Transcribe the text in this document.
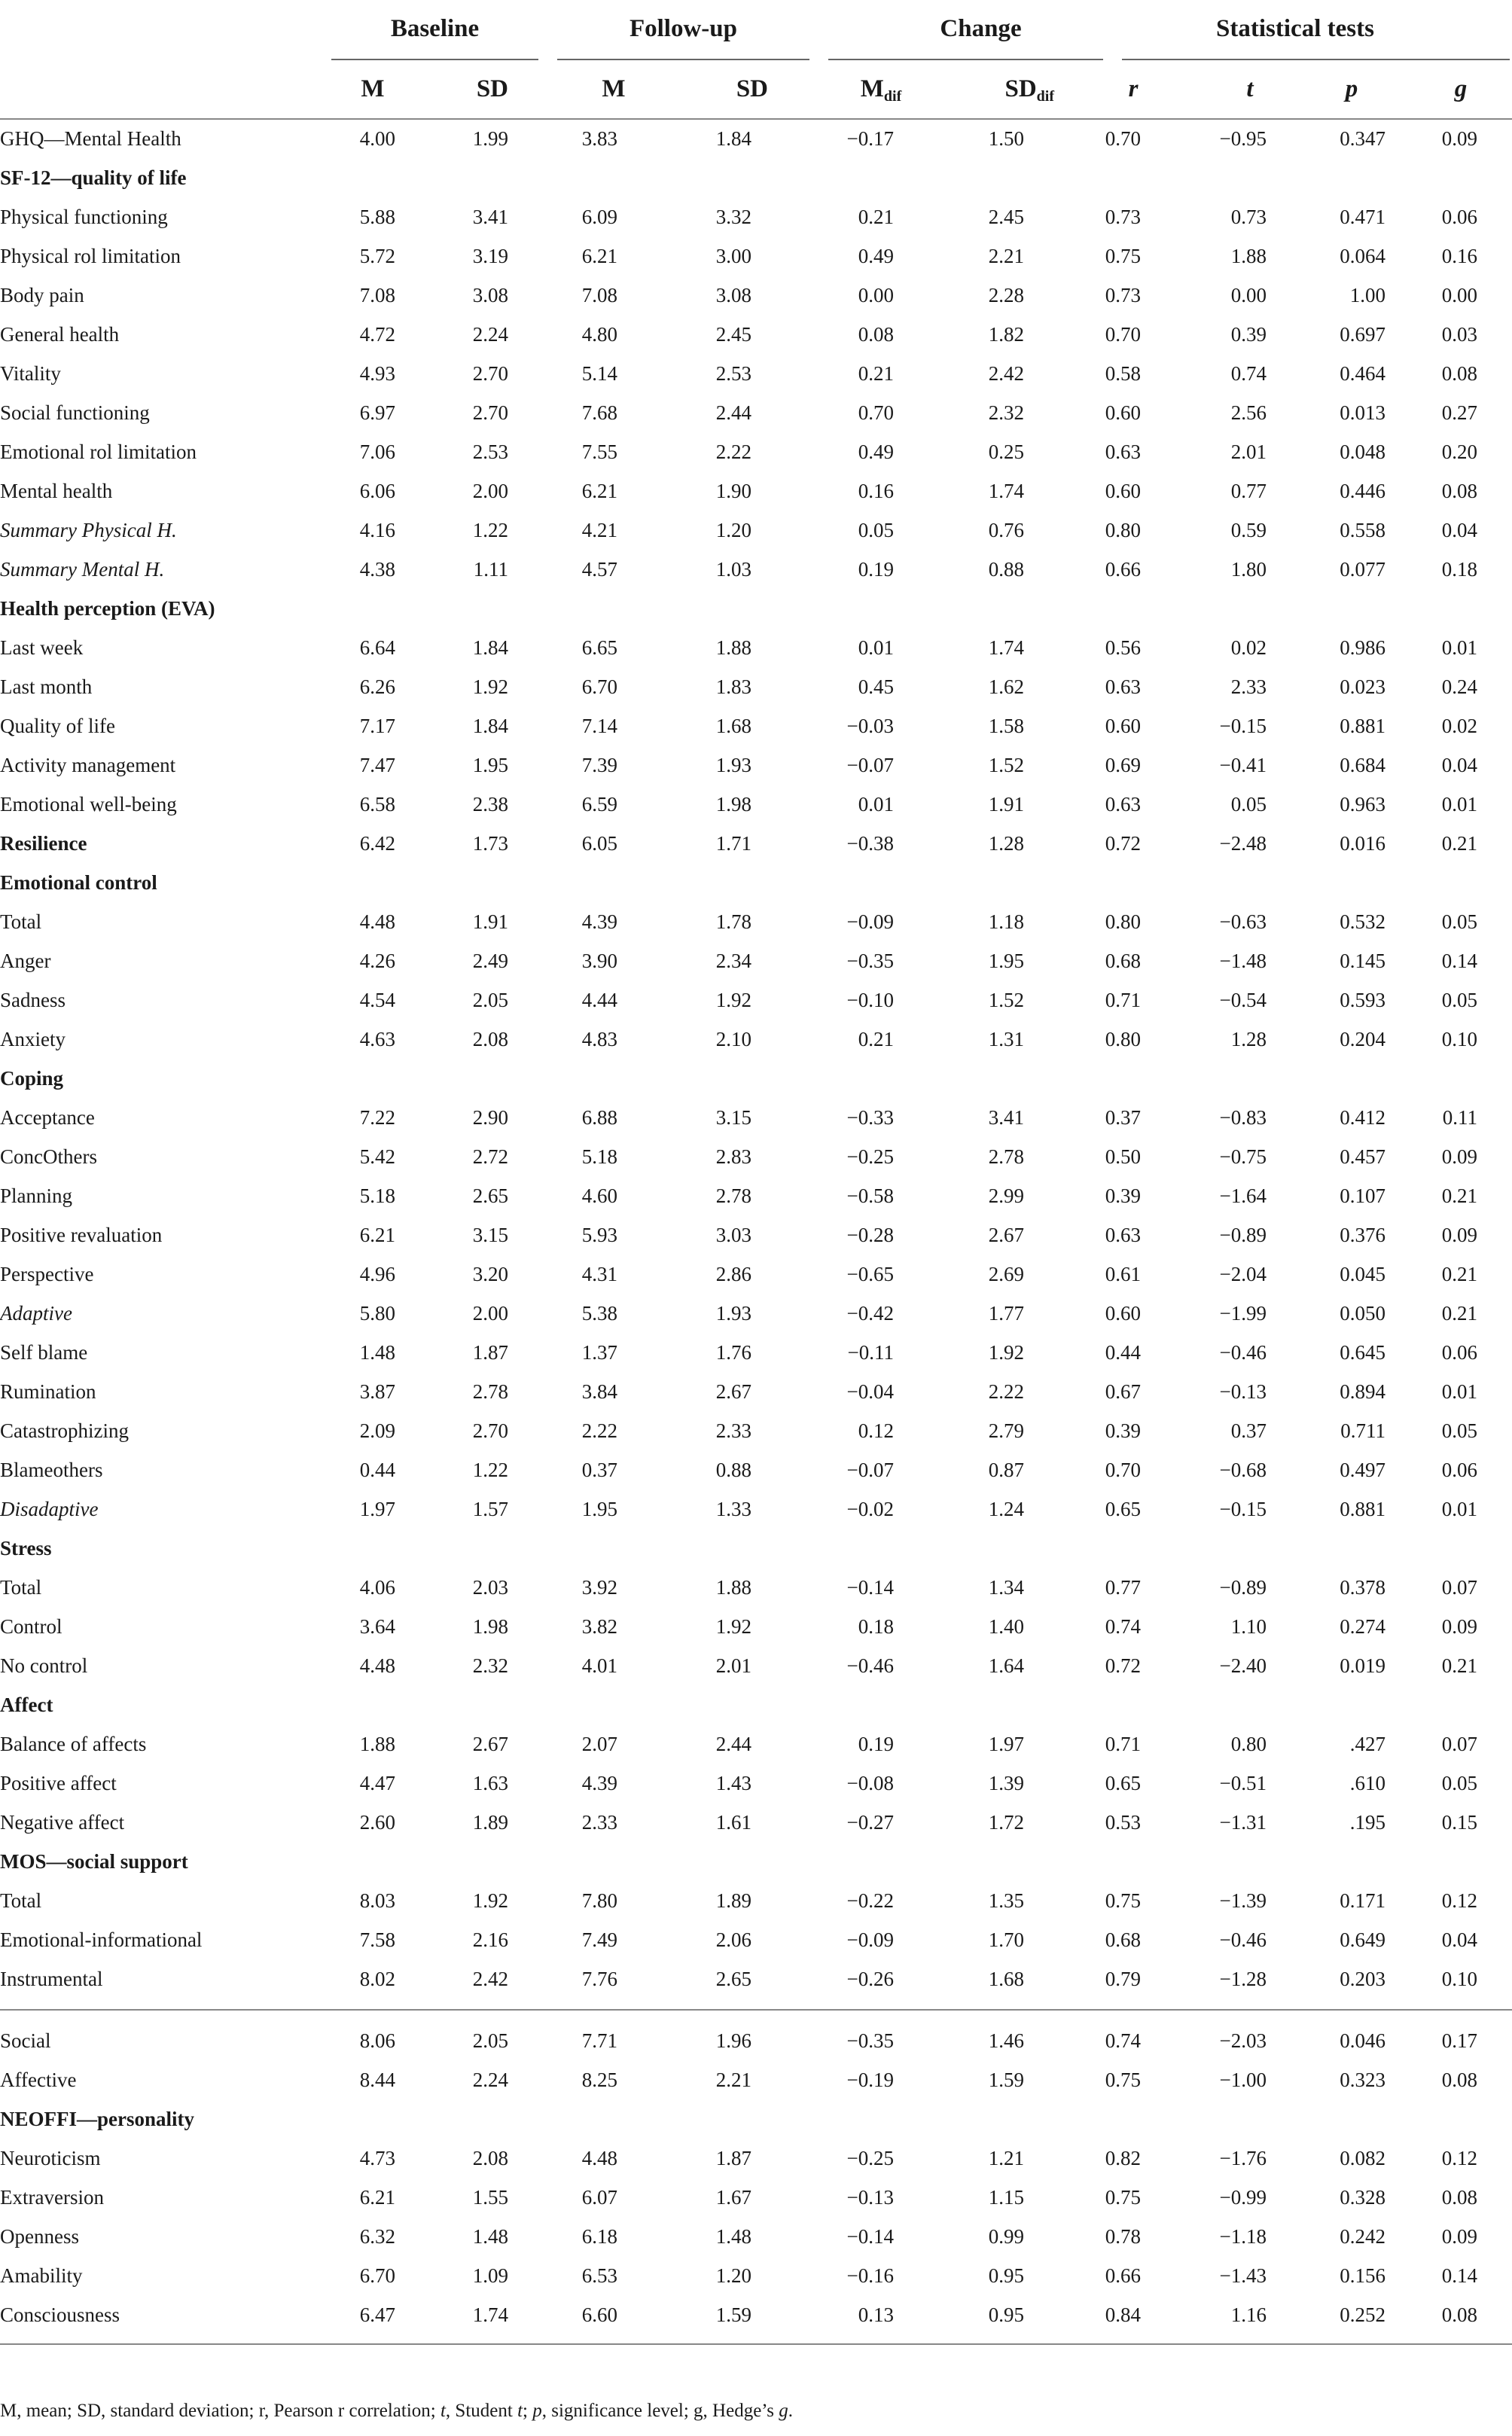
Baseline	Follow-up	Change	Statistical tests
M	SD	M	SD	$M_{dif}$	$SD_{dif}$	r	t	p	g
GHQ—Mental Health	4.00	1.99	3.83	1.84	−0.17	1.50	0.70	−0.95	0.347	0.09
SF-12—quality of life
Physical functioning	5.88	3.41	6.09	3.32	0.21	2.45	0.73	0.73	0.471	0.06
Physical rol limitation	5.72	3.19	6.21	3.00	0.49	2.21	0.75	1.88	0.064	0.16
Body pain	7.08	3.08	7.08	3.08	0.00	2.28	0.73	0.00	1.00	0.00
General health	4.72	2.24	4.80	2.45	0.08	1.82	0.70	0.39	0.697	0.03
Vitality	4.93	2.70	5.14	2.53	0.21	2.42	0.58	0.74	0.464	0.08
Social functioning	6.97	2.70	7.68	2.44	0.70	2.32	0.60	2.56	0.013	0.27
Emotional rol limitation	7.06	2.53	7.55	2.22	0.49	0.25	0.63	2.01	0.048	0.20
Mental health	6.06	2.00	6.21	1.90	0.16	1.74	0.60	0.77	0.446	0.08
Summary Physical H.	4.16	1.22	4.21	1.20	0.05	0.76	0.80	0.59	0.558	0.04
Summary Mental H.	4.38	1.11	4.57	1.03	0.19	0.88	0.66	1.80	0.077	0.18
Health perception (EVA)
Last week	6.64	1.84	6.65	1.88	0.01	1.74	0.56	0.02	0.986	0.01
Last month	6.26	1.92	6.70	1.83	0.45	1.62	0.63	2.33	0.023	0.24
Quality of life	7.17	1.84	7.14	1.68	−0.03	1.58	0.60	−0.15	0.881	0.02
Activity management	7.47	1.95	7.39	1.93	−0.07	1.52	0.69	−0.41	0.684	0.04
Emotional well-being	6.58	2.38	6.59	1.98	0.01	1.91	0.63	0.05	0.963	0.01
Resilience	6.42	1.73	6.05	1.71	−0.38	1.28	0.72	−2.48	0.016	0.21
Emotional control
Total	4.48	1.91	4.39	1.78	−0.09	1.18	0.80	−0.63	0.532	0.05
Anger	4.26	2.49	3.90	2.34	−0.35	1.95	0.68	−1.48	0.145	0.14
Sadness	4.54	2.05	4.44	1.92	−0.10	1.52	0.71	−0.54	0.593	0.05
Anxiety	4.63	2.08	4.83	2.10	0.21	1.31	0.80	1.28	0.204	0.10
Coping
Acceptance	7.22	2.90	6.88	3.15	−0.33	3.41	0.37	−0.83	0.412	0.11
ConcOthers	5.42	2.72	5.18	2.83	−0.25	2.78	0.50	−0.75	0.457	0.09
Planning	5.18	2.65	4.60	2.78	−0.58	2.99	0.39	−1.64	0.107	0.21
Positive revaluation	6.21	3.15	5.93	3.03	−0.28	2.67	0.63	−0.89	0.376	0.09
Perspective	4.96	3.20	4.31	2.86	−0.65	2.69	0.61	−2.04	0.045	0.21
Adaptive	5.80	2.00	5.38	1.93	−0.42	1.77	0.60	−1.99	0.050	0.21
Self blame	1.48	1.87	1.37	1.76	−0.11	1.92	0.44	−0.46	0.645	0.06
Rumination	3.87	2.78	3.84	2.67	−0.04	2.22	0.67	−0.13	0.894	0.01
Catastrophizing	2.09	2.70	2.22	2.33	0.12	2.79	0.39	0.37	0.711	0.05
Blameothers	0.44	1.22	0.37	0.88	−0.07	0.87	0.70	−0.68	0.497	0.06
Disadaptive	1.97	1.57	1.95	1.33	−0.02	1.24	0.65	−0.15	0.881	0.01
Stress
Total	4.06	2.03	3.92	1.88	−0.14	1.34	0.77	−0.89	0.378	0.07
Control	3.64	1.98	3.82	1.92	0.18	1.40	0.74	1.10	0.274	0.09
No control	4.48	2.32	4.01	2.01	−0.46	1.64	0.72	−2.40	0.019	0.21
Affect
Balance of affects	1.88	2.67	2.07	2.44	0.19	1.97	0.71	0.80	.427	0.07
Positive affect	4.47	1.63	4.39	1.43	−0.08	1.39	0.65	−0.51	.610	0.05
Negative affect	2.60	1.89	2.33	1.61	−0.27	1.72	0.53	−1.31	.195	0.15
MOS—social support
Total	8.03	1.92	7.80	1.89	−0.22	1.35	0.75	−1.39	0.171	0.12
Emotional-informational	7.58	2.16	7.49	2.06	−0.09	1.70	0.68	−0.46	0.649	0.04
Instrumental	8.02	2.42	7.76	2.65	−0.26	1.68	0.79	−1.28	0.203	0.10
Social	8.06	2.05	7.71	1.96	−0.35	1.46	0.74	−2.03	0.046	0.17
Affective	8.44	2.24	8.25	2.21	−0.19	1.59	0.75	−1.00	0.323	0.08
NEOFFI—personality
Neuroticism	4.73	2.08	4.48	1.87	−0.25	1.21	0.82	−1.76	0.082	0.12
Extraversion	6.21	1.55	6.07	1.67	−0.13	1.15	0.75	−0.99	0.328	0.08
Openness	6.32	1.48	6.18	1.48	−0.14	0.99	0.78	−1.18	0.242	0.09
Amability	6.70	1.09	6.53	1.20	−0.16	0.95	0.66	−1.43	0.156	0.14
Consciousness	6.47	1.74	6.60	1.59	0.13	0.95	0.84	1.16	0.252	0.08
M, mean; SD, standard deviation; r, Pearson r correlation; t, Student t; p, significance level; g, Hedge’s g.
